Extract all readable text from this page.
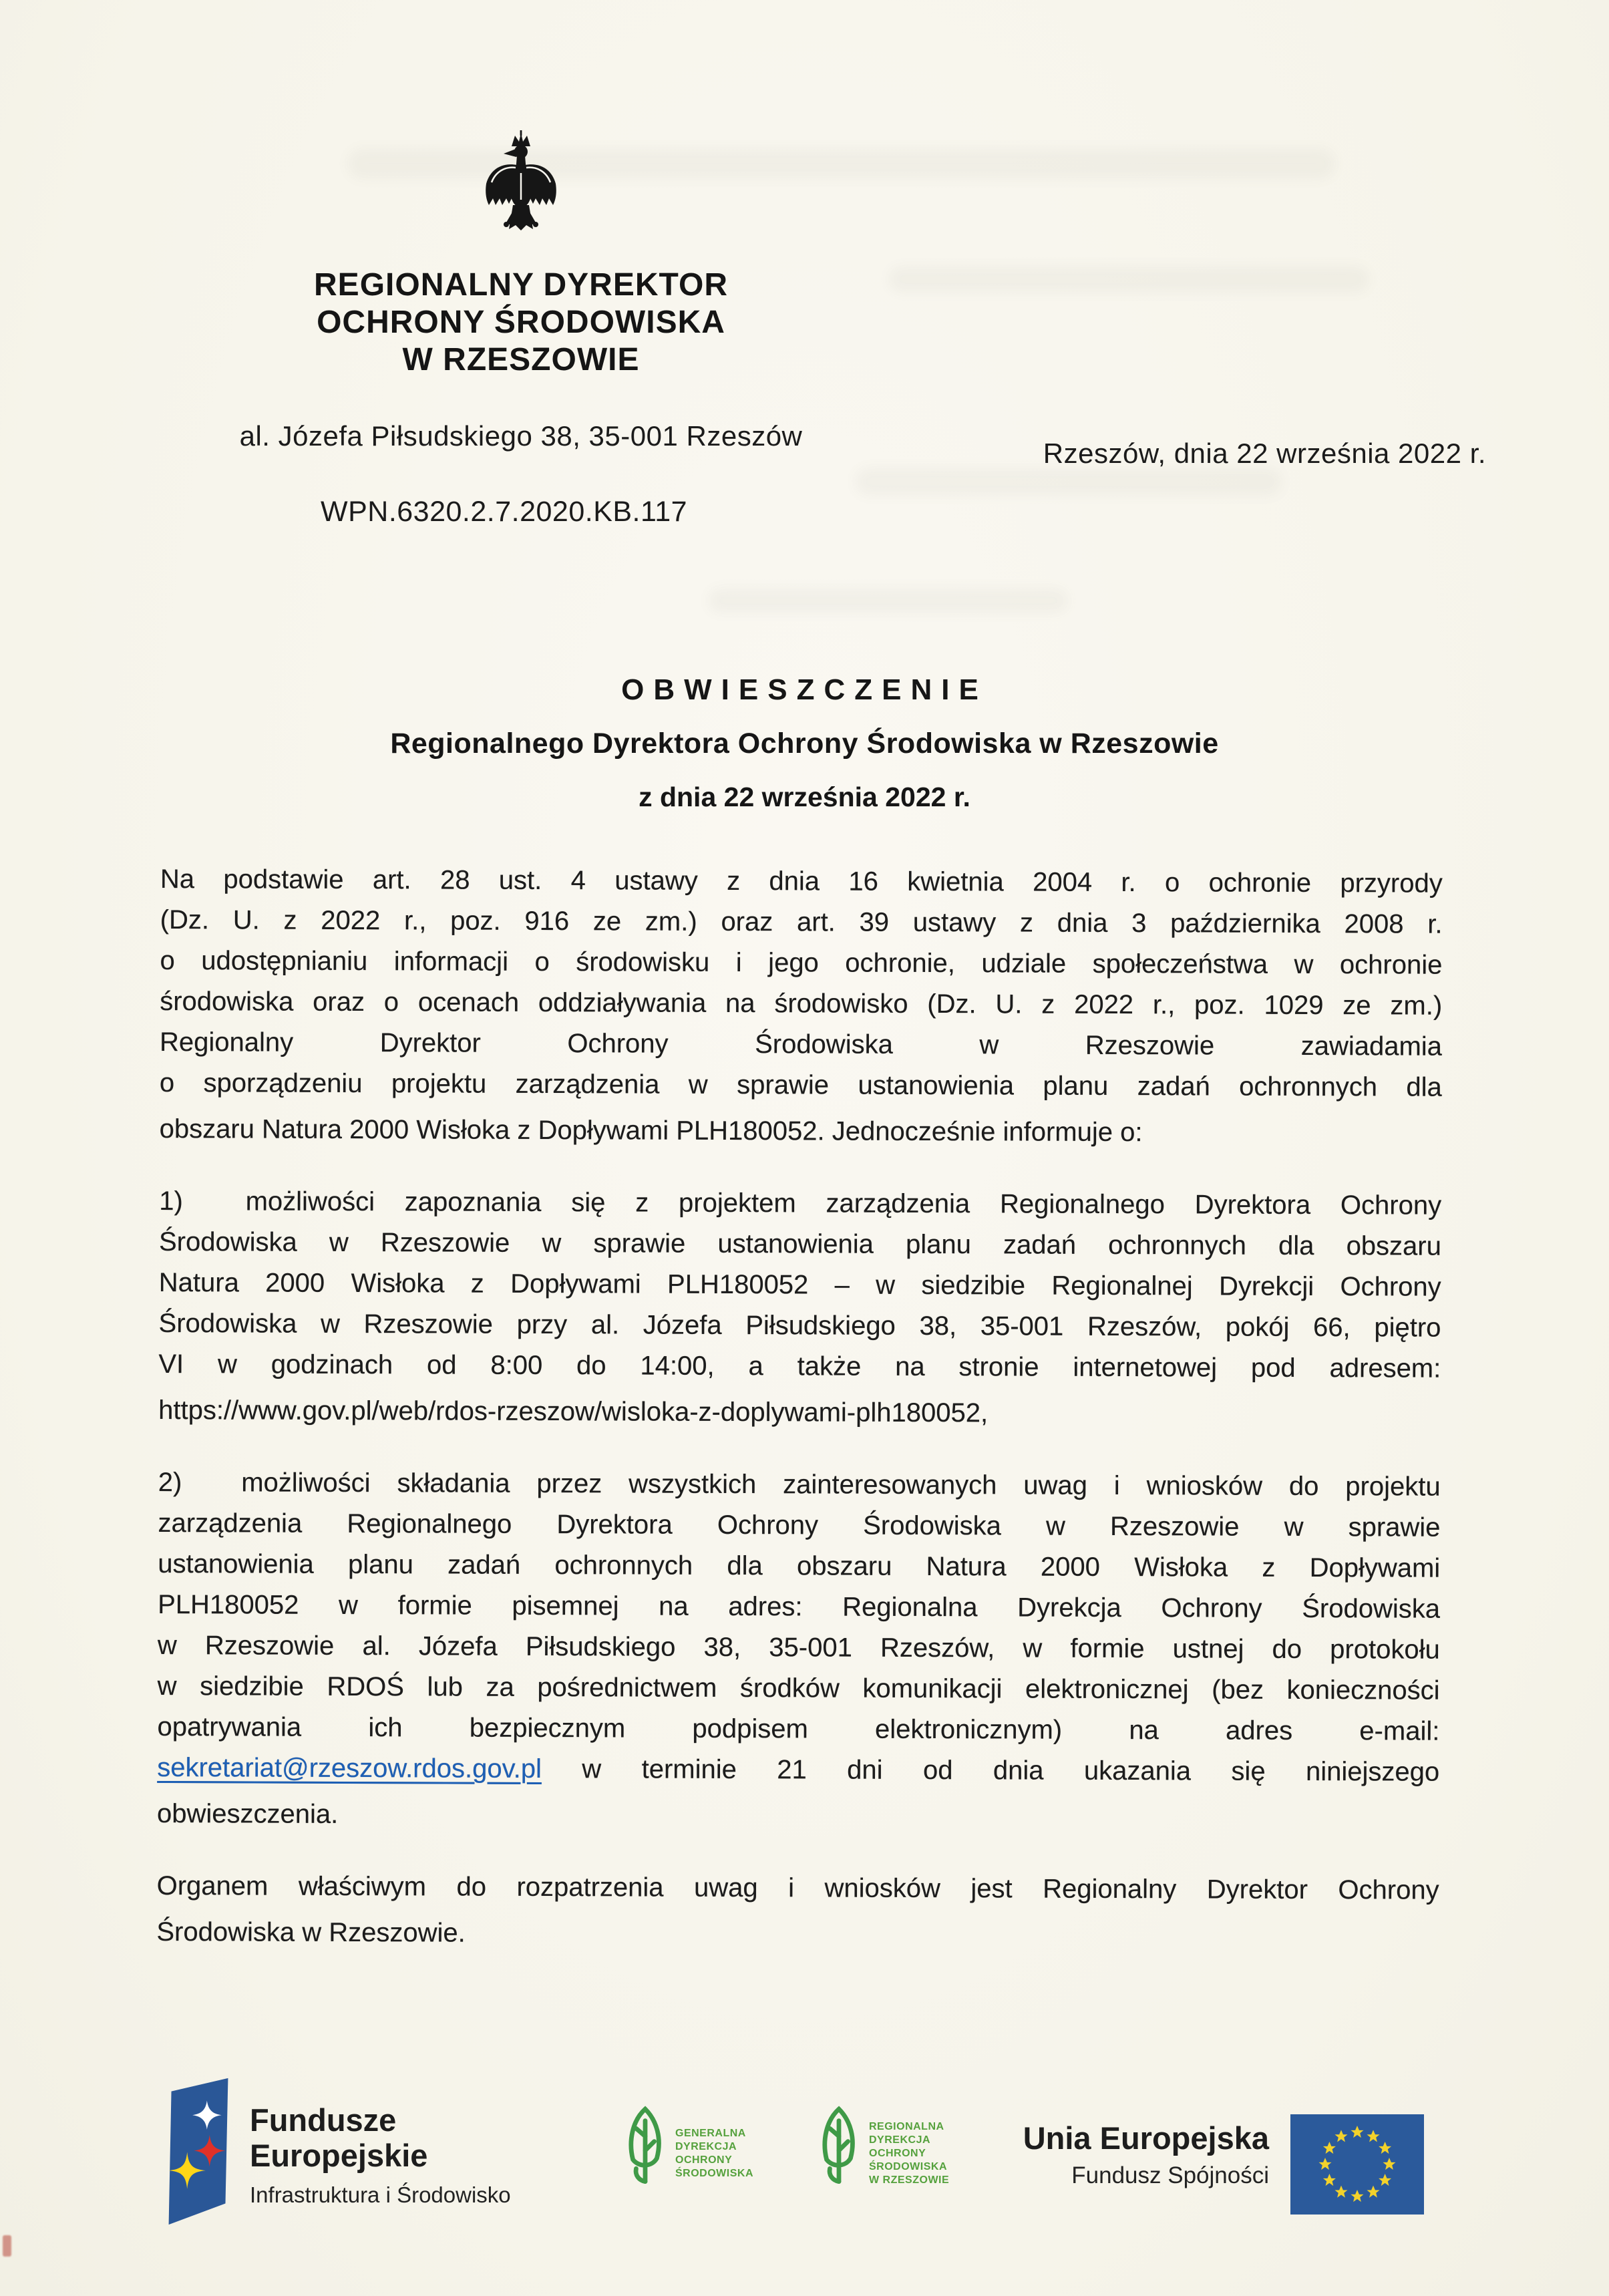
REGIONALNY DYREKTOR
OCHRONY ŚRODOWISKA
W RZESZOWIE
al. Józefa Piłsudskiego 38, 35-001 Rzeszów
Rzeszów, dnia 22 września 2022 r.
WPN.6320.2.7.2020.KB.117
OBWIESZCZENIE
Regionalnego Dyrektora Ochrony Środowiska w Rzeszowie
z dnia 22 września 2022 r.
Na podstawie art. 28 ust. 4 ustawy z dnia 16 kwietnia 2004 r. o ochronie przyrody
(Dz. U. z 2022 r., poz. 916 ze zm.) oraz art. 39 ustawy z dnia 3 października 2008 r.
o udostępnianiu informacji o środowisku i jego ochronie, udziale społeczeństwa w ochronie
środowiska oraz o ocenach oddziaływania na środowisko (Dz. U. z 2022 r., poz. 1029 ze zm.)
Regionalny	Dyrektor	Ochrony	Środowiska	w	Rzeszowie	zawiadamia
o sporządzeniu projektu zarządzenia w sprawie ustanowienia planu zadań ochronnych dla
obszaru Natura 2000 Wisłoka z Dopływami PLH180052. Jednocześnie informuje o:
1) możliwości zapoznania się z projektem zarządzenia Regionalnego Dyrektora Ochrony
Środowiska w Rzeszowie w sprawie ustanowienia planu zadań ochronnych dla obszaru
Natura 2000 Wisłoka z Dopływami PLH180052 – w siedzibie Regionalnej Dyrekcji Ochrony
Środowiska w Rzeszowie przy al. Józefa Piłsudskiego 38, 35-001 Rzeszów, pokój 66, piętro
VI w godzinach od 8:00 do 14:00, a także na stronie internetowej pod adresem:
https://www.gov.pl/web/rdos-rzeszow/wisloka-z-doplywami-plh180052,
2) możliwości składania przez wszystkich zainteresowanych uwag i wniosków do projektu
zarządzenia Regionalnego Dyrektora Ochrony Środowiska w Rzeszowie w sprawie
ustanowienia planu zadań ochronnych dla obszaru Natura 2000 Wisłoka z Dopływami
PLH180052 w formie pisemnej na adres: Regionalna Dyrekcja Ochrony Środowiska
w Rzeszowie al. Józefa Piłsudskiego 38, 35-001 Rzeszów, w formie ustnej do protokołu
w siedzibie RDOŚ lub za pośrednictwem środków komunikacji elektronicznej (bez konieczności
opatrywania	ich	bezpiecznym	podpisem	elektronicznym)	na	adres	e-mail:
sekretariat@rzeszow.rdos.gov.pl w terminie 21 dni od dnia ukazania się niniejszego
obwieszczenia.
Organem właściwym do rozpatrzenia uwag i wniosków jest Regionalny Dyrektor Ochrony
Środowiska w Rzeszowie.
Fundusze
Europejskie
Infrastruktura i Środowisko
GENERALNA
DYREKCJA
OCHRONY
ŚRODOWISKA
REGIONALNA
DYREKCJA
OCHRONY
ŚRODOWISKA
W RZESZOWIE
Unia Europejska
Fundusz Spójności
